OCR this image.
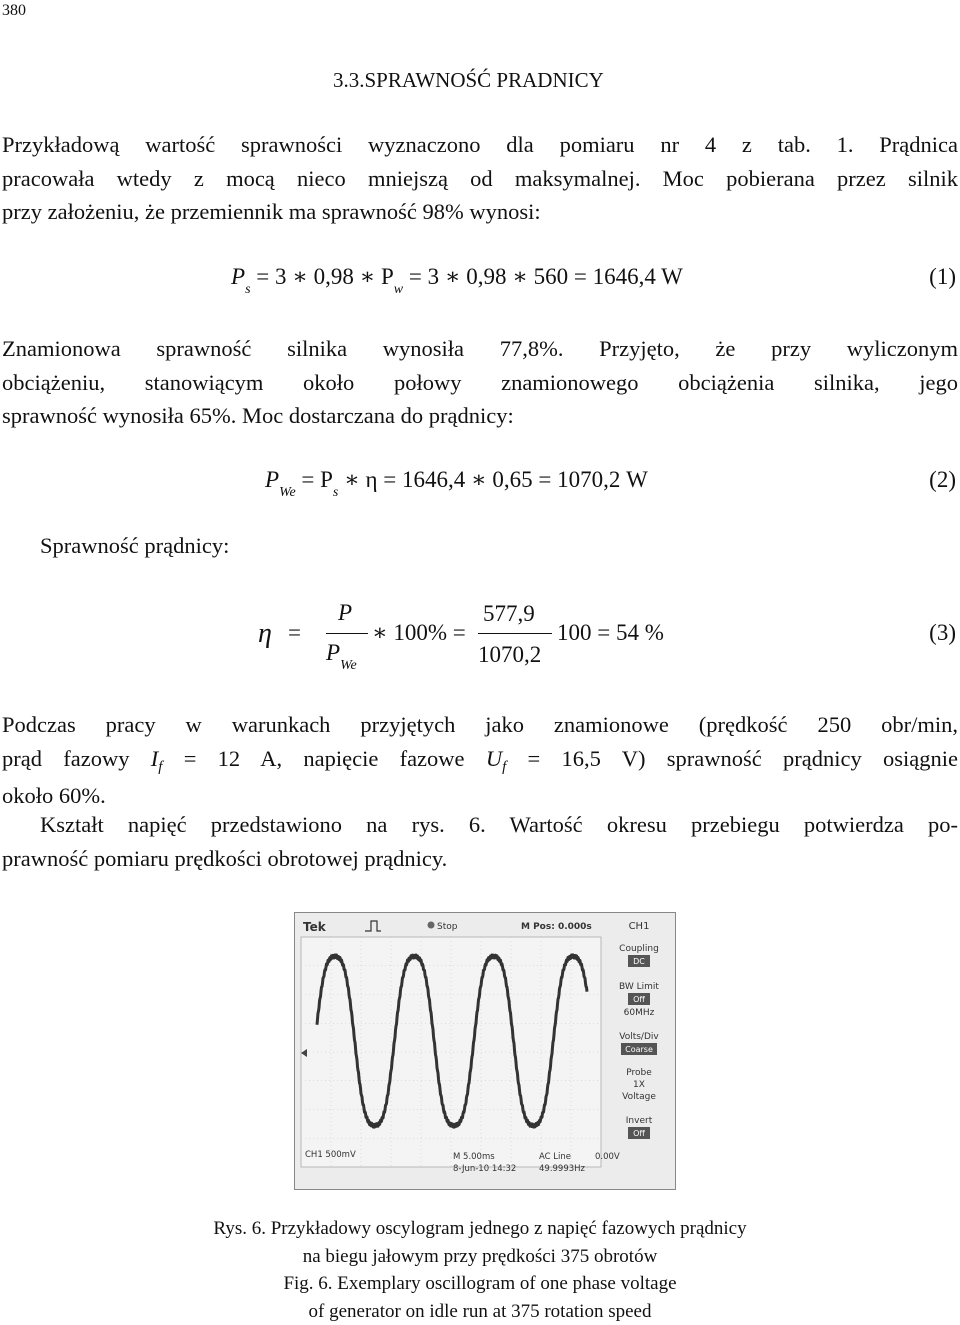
380
3.3.SPRAWNOŚĆ PRADNICY
Przykładową wartość sprawności wyznaczono dla pomiaru nr 4 z tab. 1. Prądnica
pracowała wtedy z mocą nieco mniejszą od maksymalnej. Moc pobierana przez silnik
przy założeniu, że przemiennik ma sprawność 98% wynosi:
$P_s = 3$ ∗ 0,98 ∗ $P_w = 3$ ∗ 0,98 ∗ 560 = 1646,4 W	(1)
Znamionowa sprawność silnika wynosiła 77,8%. Przyjęto, że przy wyliczonym
obciążeniu, stanowiącym około połowy znamionowego obciążenia silnika, jego
sprawność wynosiła 65%. Moc dostarczana do prądnicy:
$P_{We} = P_s$ ∗ η = 1646,4 ∗ 0,65 = 1070,2 W	(2)
Sprawność prądnicy:
η =
P
$P_{We}$
∗ 100% =
577,9
1070,2
100 = 54 %	(3)
Podczas pracy w warunkach przyjętych jako znamionowe (prędkość 250 obr/min,
prąd fazowy $I_f = 12$ A, napięcie fazowe $U_f = 16,5$ V) sprawność prądnicy osiągnie
około 60%.
Kształt napięć przedstawiono na rys. 6. Wartość okresu przebiegu potwierdza po-
prawność pomiaru prędkości obrotowej prądnicy.
Tek	Stop	M Pos: 0.000s	CH1
Coupling
DC
BW Limit
Off
60MHz
Volts/Div
Coarse
Probe
1X
Voltage
Invert
Off
CH1 500mV	M 5.00ms
8-Jun-10 14:32
AC Line	0.00V
49.9993Hz
Rys. 6. Przykładowy oscylogram jednego z napięć fazowych prądnicy
na biegu jałowym przy prędkości 375 obrotów
Fig. 6. Exemplary oscillogram of one phase voltage
of generator on idle run at 375 rotation speed
